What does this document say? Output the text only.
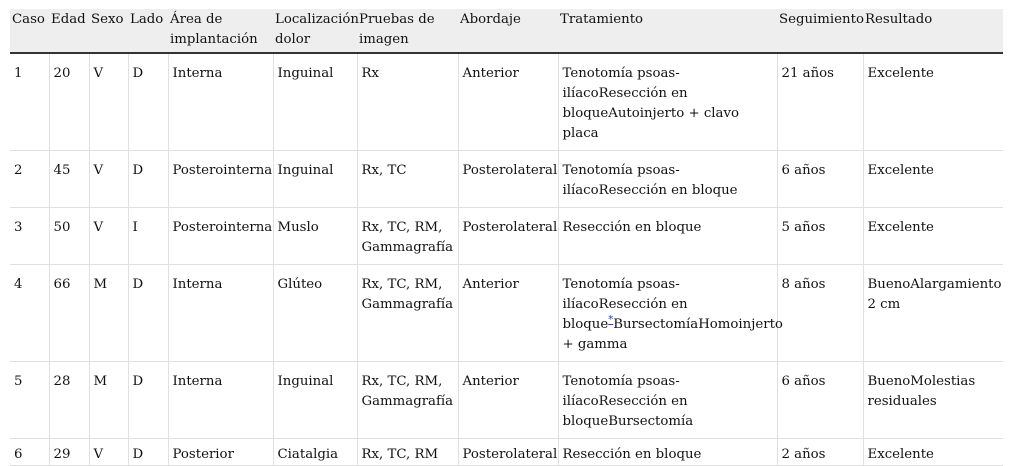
Caso	Edad	Sexo	Lado	Área de implantación	Localización dolor	Pruebas de imagen	Abordaje	Tratamiento	Seguimiento	Resultado
1	20	V	D	Interna	Inguinal	Rx	Anterior	Tenotomía psoas-ilíacoResección en bloqueAutoinjerto + clavo placa	21 años	Excelente
2	45	V	D	Posterointerna	Inguinal	Rx, TC	Posterolateral	Tenotomía psoas-ilíacoResección en bloque	6 años	Excelente
3	50	V	I	Posterointerna	Muslo	Rx, TC, RM, Gammagrafía	Posterolateral	Resección en bloque	5 años	Excelente
4	66	M	D	Interna	Glúteo	Rx, TC, RM, Gammagrafía	Anterior	Tenotomía psoas-ilíacoResección en bloque*BursectomíaHomoinjerto + gamma	8 años	BuenoAlargamiento 2 cm
5	28	M	D	Interna	Inguinal	Rx, TC, RM, Gammagrafía	Anterior	Tenotomía psoas-ilíacoResección en bloqueBursectomía	6 años	BuenoMolestias residuales
6	29	V	D	Posterior	Ciatalgia	Rx, TC, RM	Posterolateral	Resección en bloque	2 años	Excelente
